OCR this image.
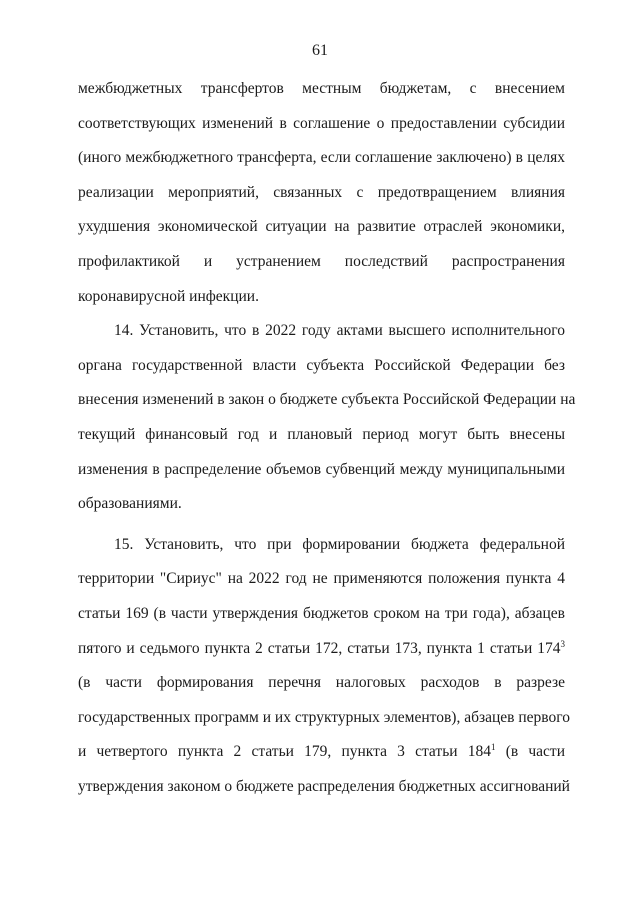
61
межбюджетных трансфертов местным бюджетам, с внесением
соответствующих изменений в соглашение о предоставлении субсидии
(иного межбюджетного трансферта, если соглашение заключено) в целях
реализации мероприятий, связанных с предотвращением влияния
ухудшения экономической ситуации на развитие отраслей экономики,
профилактикой и устранением последствий распространения
коронавирусной инфекции.
14. Установить, что в 2022 году актами высшего исполнительного
органа государственной власти субъекта Российской Федерации без
внесения изменений в закон о бюджете субъекта Российской Федерации на
текущий финансовый год и плановый период могут быть внесены
изменения в распределение объемов субвенций между муниципальными
образованиями.
15. Установить, что при формировании бюджета федеральной
территории "Сириус" на 2022 год не применяются положения пункта 4
статьи 169 (в части утверждения бюджетов сроком на три года), абзацев
пятого и седьмого пункта 2 статьи 172, статьи 173, пункта 1 статьи $174^3$
(в части формирования перечня налоговых расходов в разрезе
государственных программ и их структурных элементов), абзацев первого
и четвертого пункта 2 статьи 179, пункта 3 статьи $184^1$ (в части
утверждения законом о бюджете распределения бюджетных ассигнований
